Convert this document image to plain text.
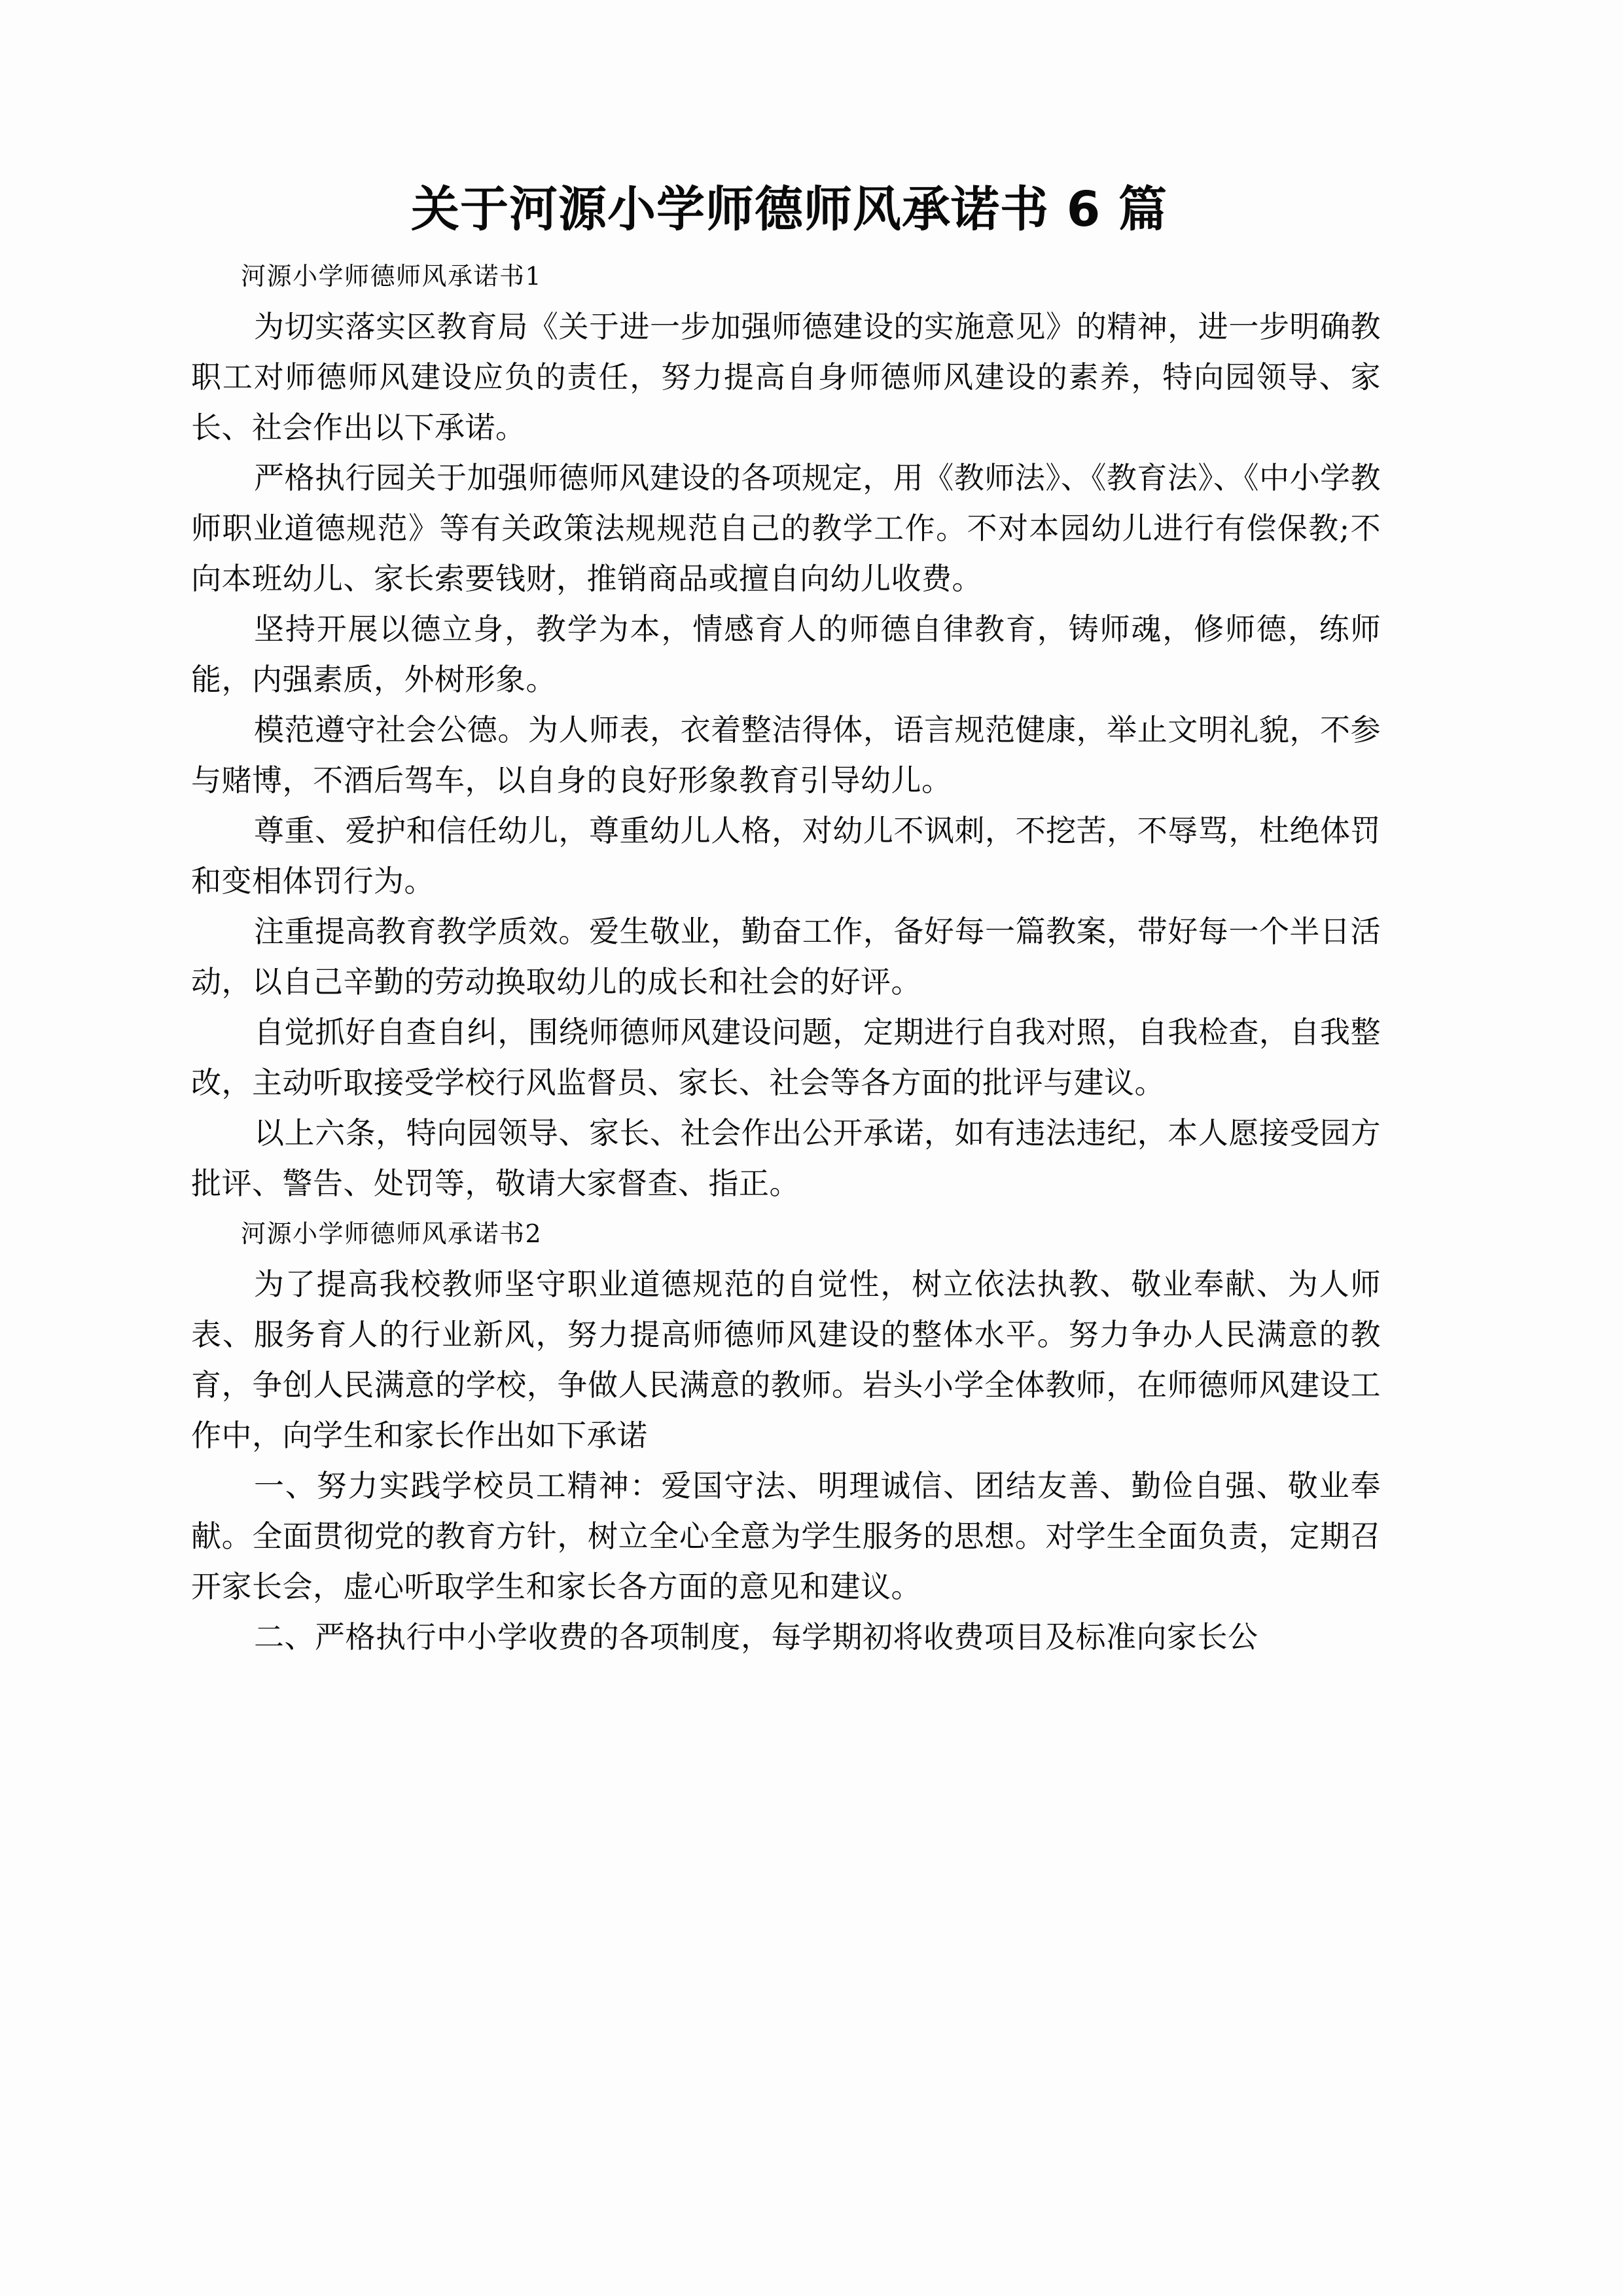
关于河源小学师德师风承诺书 6 篇

河源小学师德师风承诺书1

为切实落实区教育局《关于进一步加强师德建设的实施意见》的精神，进一步明确教职工对师德师风建设应负的责任，努力提高自身师德师风建设的素养，特向园领导、家长、社会作出以下承诺。

严格执行园关于加强师德师风建设的各项规定，用《教师法》、《教育法》、《中小学教师职业道德规范》等有关政策法规规范自己的教学工作。不对本园幼儿进行有偿保教;不向本班幼儿、家长索要钱财，推销商品或擅自向幼儿收费。

坚持开展以德立身，教学为本，情感育人的师德自律教育，铸师魂，修师德，练师能，内强素质，外树形象。

模范遵守社会公德。为人师表，衣着整洁得体，语言规范健康，举止文明礼貌，不参与赌博，不酒后驾车，以自身的良好形象教育引导幼儿。

尊重、爱护和信任幼儿，尊重幼儿人格，对幼儿不讽刺，不挖苦，不辱骂，杜绝体罚和变相体罚行为。

注重提高教育教学质效。爱生敬业，勤奋工作，备好每一篇教案，带好每一个半日活动，以自己辛勤的劳动换取幼儿的成长和社会的好评。

自觉抓好自查自纠，围绕师德师风建设问题，定期进行自我对照，自我检查，自我整改，主动听取接受学校行风监督员、家长、社会等各方面的批评与建议。

以上六条，特向园领导、家长、社会作出公开承诺，如有违法违纪，本人愿接受园方批评、警告、处罚等，敬请大家督查、指正。

河源小学师德师风承诺书2

为了提高我校教师坚守职业道德规范的自觉性，树立依法执教、敬业奉献、为人师表、服务育人的行业新风，努力提高师德师风建设的整体水平。努力争办人民满意的教育，争创人民满意的学校，争做人民满意的教师。岩头小学全体教师，在师德师风建设工作中，向学生和家长作出如下承诺

一、努力实践学校员工精神：爱国守法、明理诚信、团结友善、勤俭自强、敬业奉献。全面贯彻党的教育方针，树立全心全意为学生服务的思想。对学生全面负责，定期召开家长会，虚心听取学生和家长各方面的意见和建议。

二、严格执行中小学收费的各项制度，每学期初将收费项目及标准向家长公
